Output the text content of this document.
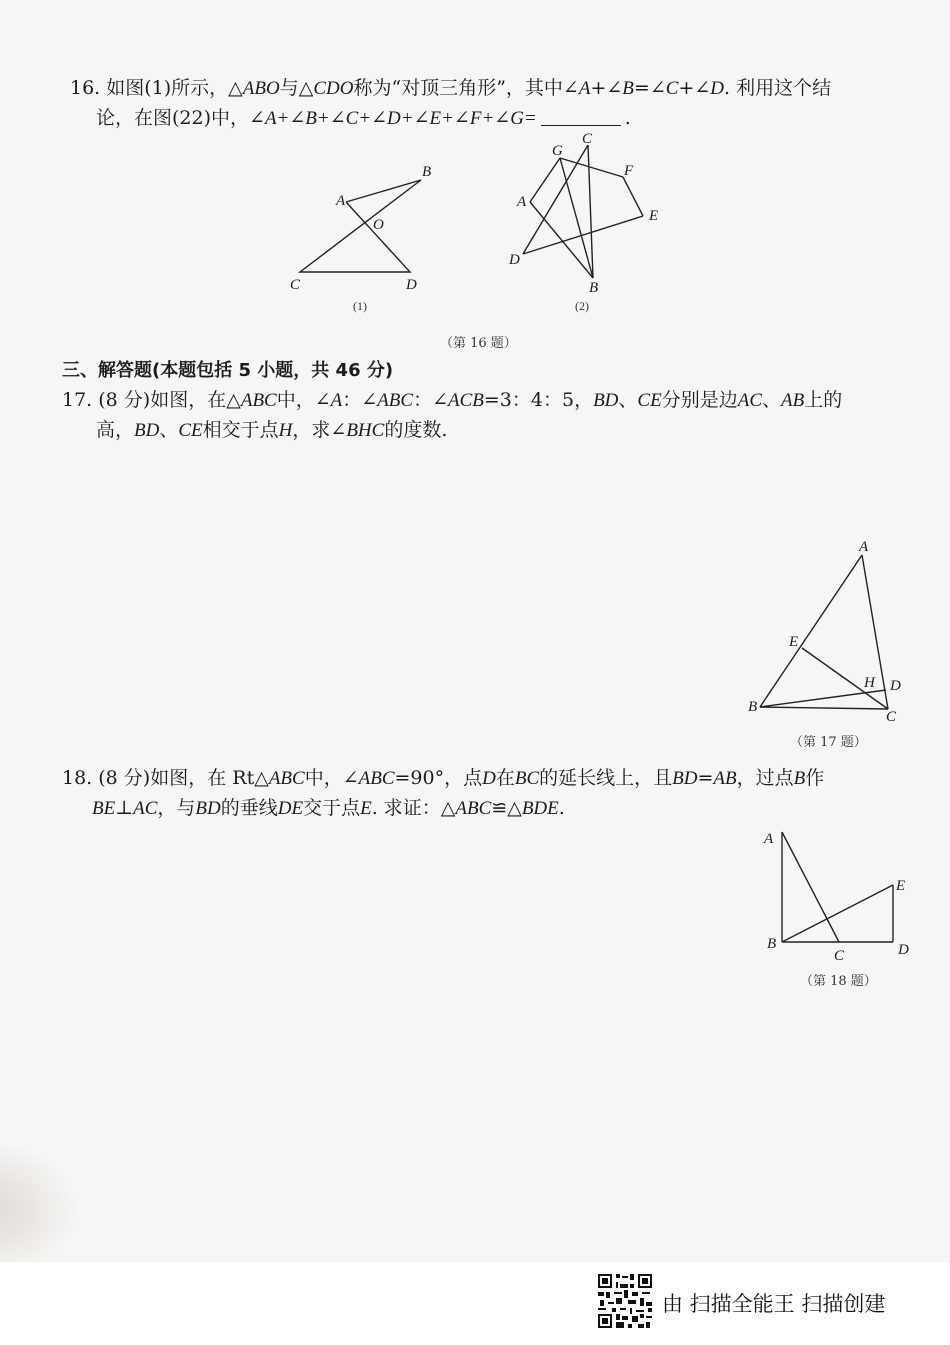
16. 如图(1)所示，△ABO与△CDO称为“对顶三角形”，其中∠A+∠B=∠C+∠D. 利用这个结
论，在图(22)中，∠A+∠B+∠C+∠D+∠E+∠F+∠G=	.
A
B
O
C	D
(1)
A
B
C
D
E
F
G
(2)
（第 16 题）
三、解答题(本题包括 5 小题，共 46 分)
17. (8 分)如图，在△ABC中，∠A：∠ABC：∠ACB=3：4：5，BD、CE分别是边AC、AB上的
高，BD、CE相交于点H，求∠BHC的度数.
A
B
C
D
E
H
（第 17 题）
18. (8 分)如图，在 Rt△ABC中，∠ABC=90°，点D在BC的延长线上，且BD=AB，过点B作
BE⊥AC，与BD的垂线DE交于点E. 求证：△ABC≌△BDE.
A
B
C	D
E
（第 18 题）
由 扫描全能王 扫描创建
